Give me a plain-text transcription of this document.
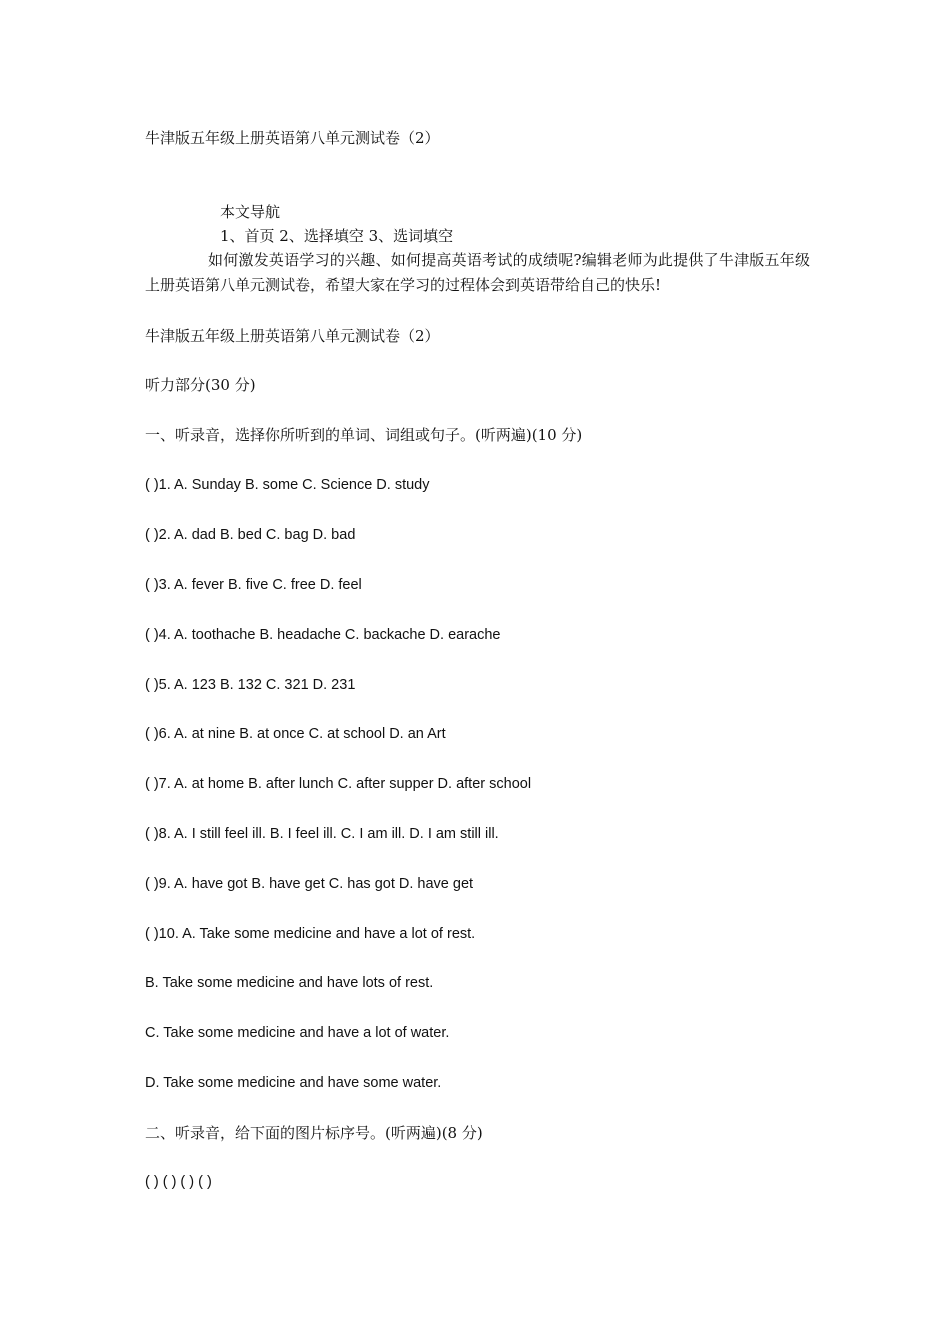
牛津版五年级上册英语第八单元测试卷（2）
本文导航
1、首页 2、选择填空 3、选词填空
如何激发英语学习的兴趣、如何提高英语考试的成绩呢?编辑老师为此提供了牛津版五年级上册英语第八单元测试卷，希望大家在学习的过程体会到英语带给自己的快乐!
牛津版五年级上册英语第八单元测试卷（2）
听力部分(30 分)
一、听录音，选择你所听到的单词、词组或句子。(听两遍)(10 分)
( )1. A. Sunday B. some C. Science D. study
( )2. A. dad B. bed C. bag D. bad
( )3. A. fever B. five C. free D. feel
( )4. A. toothache B. headache C. backache D. earache
( )5. A. 123 B. 132 C. 321 D. 231
( )6. A. at nine B. at once C. at school D. an Art
( )7. A. at home B. after lunch C. after supper D. after school
( )8. A. I still feel ill. B. I feel ill. C. I am ill. D. I am still ill.
( )9. A. have got B. have get C. has got D. have get
( )10. A. Take some medicine and have a lot of rest.
B. Take some medicine and have lots of rest.
C. Take some medicine and have a lot of water.
D. Take some medicine and have some water.
二、听录音，给下面的图片标序号。(听两遍)(8 分)
( ) ( ) ( ) ( )
